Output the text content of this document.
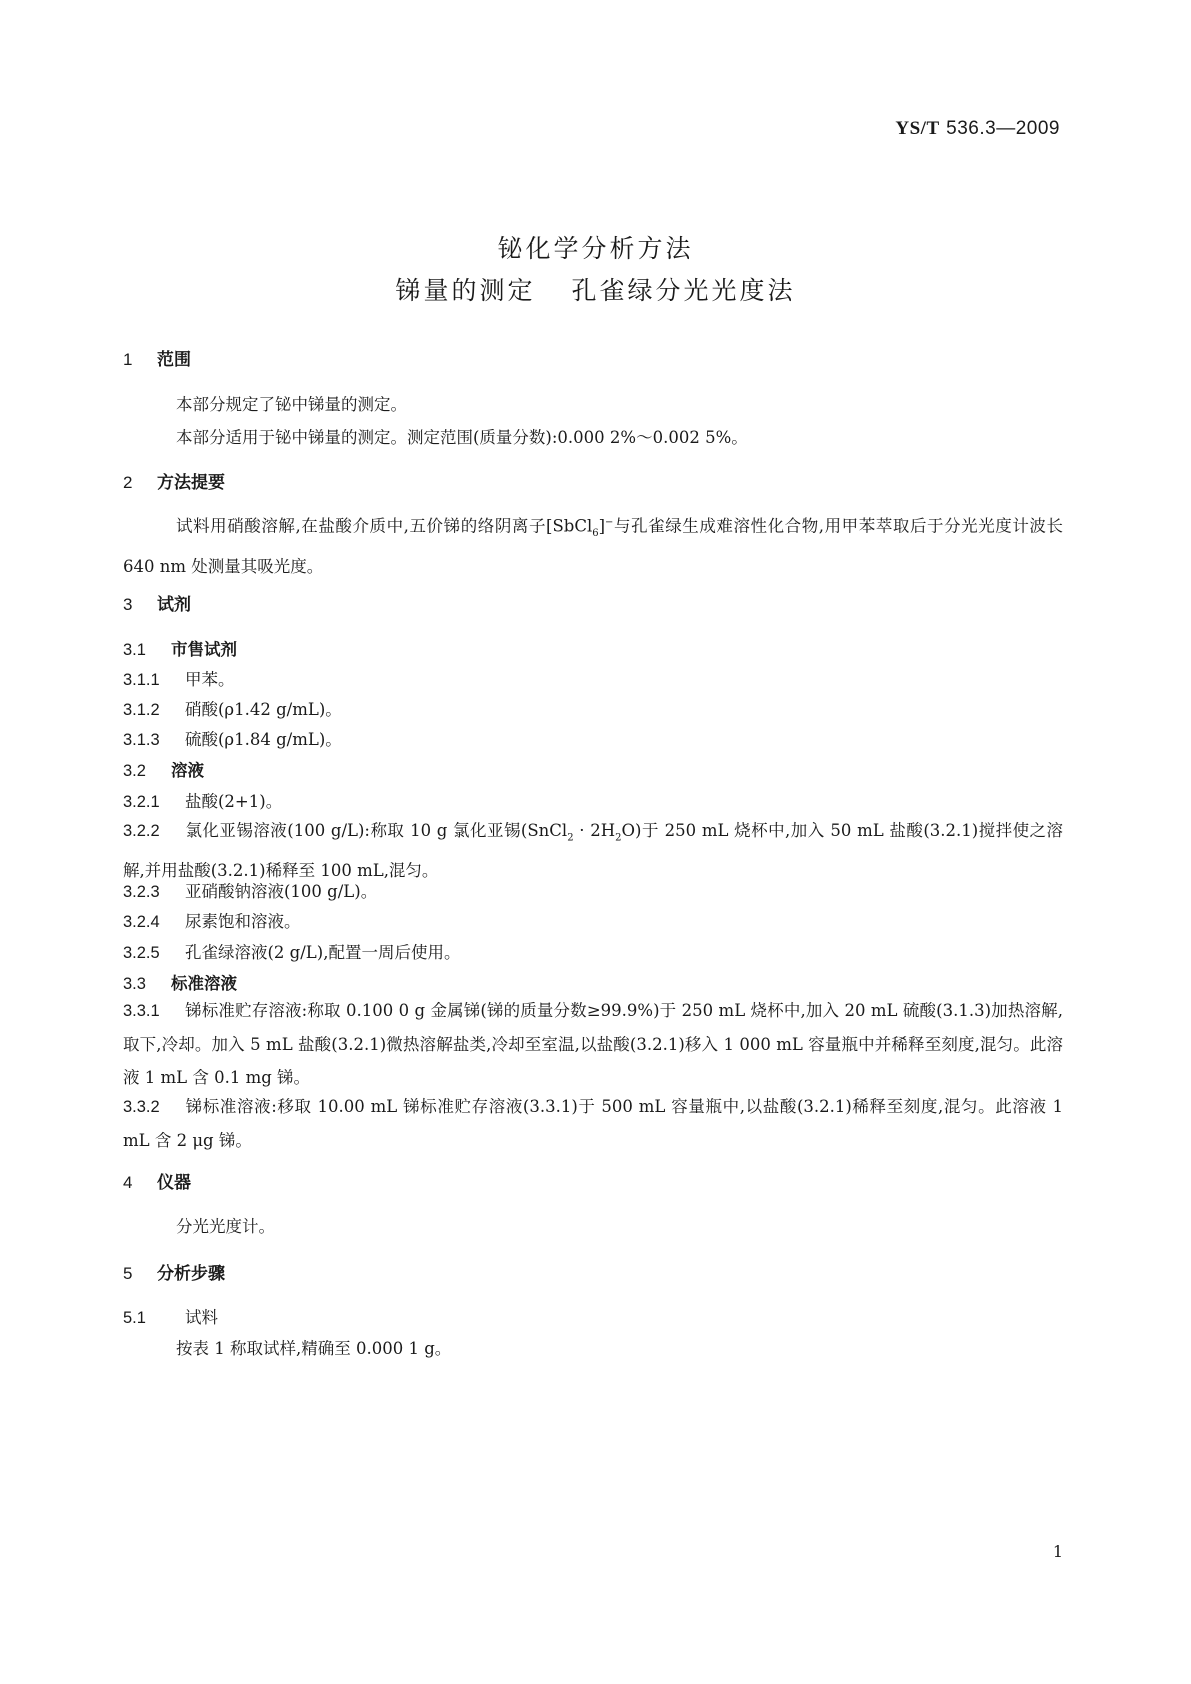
YS/T 536.3—2009
铋化学分析方法
锑量的测定 孔雀绿分光光度法
1 范围
本部分规定了铋中锑量的测定。
本部分适用于铋中锑量的测定。测定范围(质量分数):0.000 2%～0.002 5%。
2 方法提要
试料用硝酸溶解,在盐酸介质中,五价锑的络阴离子[SbCl$_6$]−与孔雀绿生成难溶性化合物,用甲苯萃取后于分光光度计波长 640 nm 处测量其吸光度。
3 试剂
3.1 市售试剂
3.1.1 甲苯。
3.1.2 硝酸(ρ1.42 g/mL)。
3.1.3 硫酸(ρ1.84 g/mL)。
3.2 溶液
3.2.1 盐酸(2+1)。
3.2.2 氯化亚锡溶液(100 g/L):称取 10 g 氯化亚锡(SnCl$_2$ · $2H_2O$)于 250 mL 烧杯中,加入 50 mL 盐酸(3.2.1)搅拌使之溶解,并用盐酸(3.2.1)稀释至 100 mL,混匀。
3.2.3 亚硝酸钠溶液(100 g/L)。
3.2.4 尿素饱和溶液。
3.2.5 孔雀绿溶液(2 g/L),配置一周后使用。
3.3 标准溶液
3.3.1 锑标准贮存溶液:称取 0.100 0 g 金属锑(锑的质量分数≥99.9%)于 250 mL 烧杯中,加入 20 mL 硫酸(3.1.3)加热溶解,取下,冷却。加入 5 mL 盐酸(3.2.1)微热溶解盐类,冷却至室温,以盐酸(3.2.1)移入 1 000 mL 容量瓶中并稀释至刻度,混匀。此溶液 1 mL 含 0.1 mg 锑。
3.3.2 锑标准溶液:移取 10.00 mL 锑标准贮存溶液(3.3.1)于 500 mL 容量瓶中,以盐酸(3.2.1)稀释至刻度,混匀。此溶液 1 mL 含 2 μg 锑。
4 仪器
分光光度计。
5 分析步骤
5.1 试料
按表 1 称取试样,精确至 0.000 1 g。
1
